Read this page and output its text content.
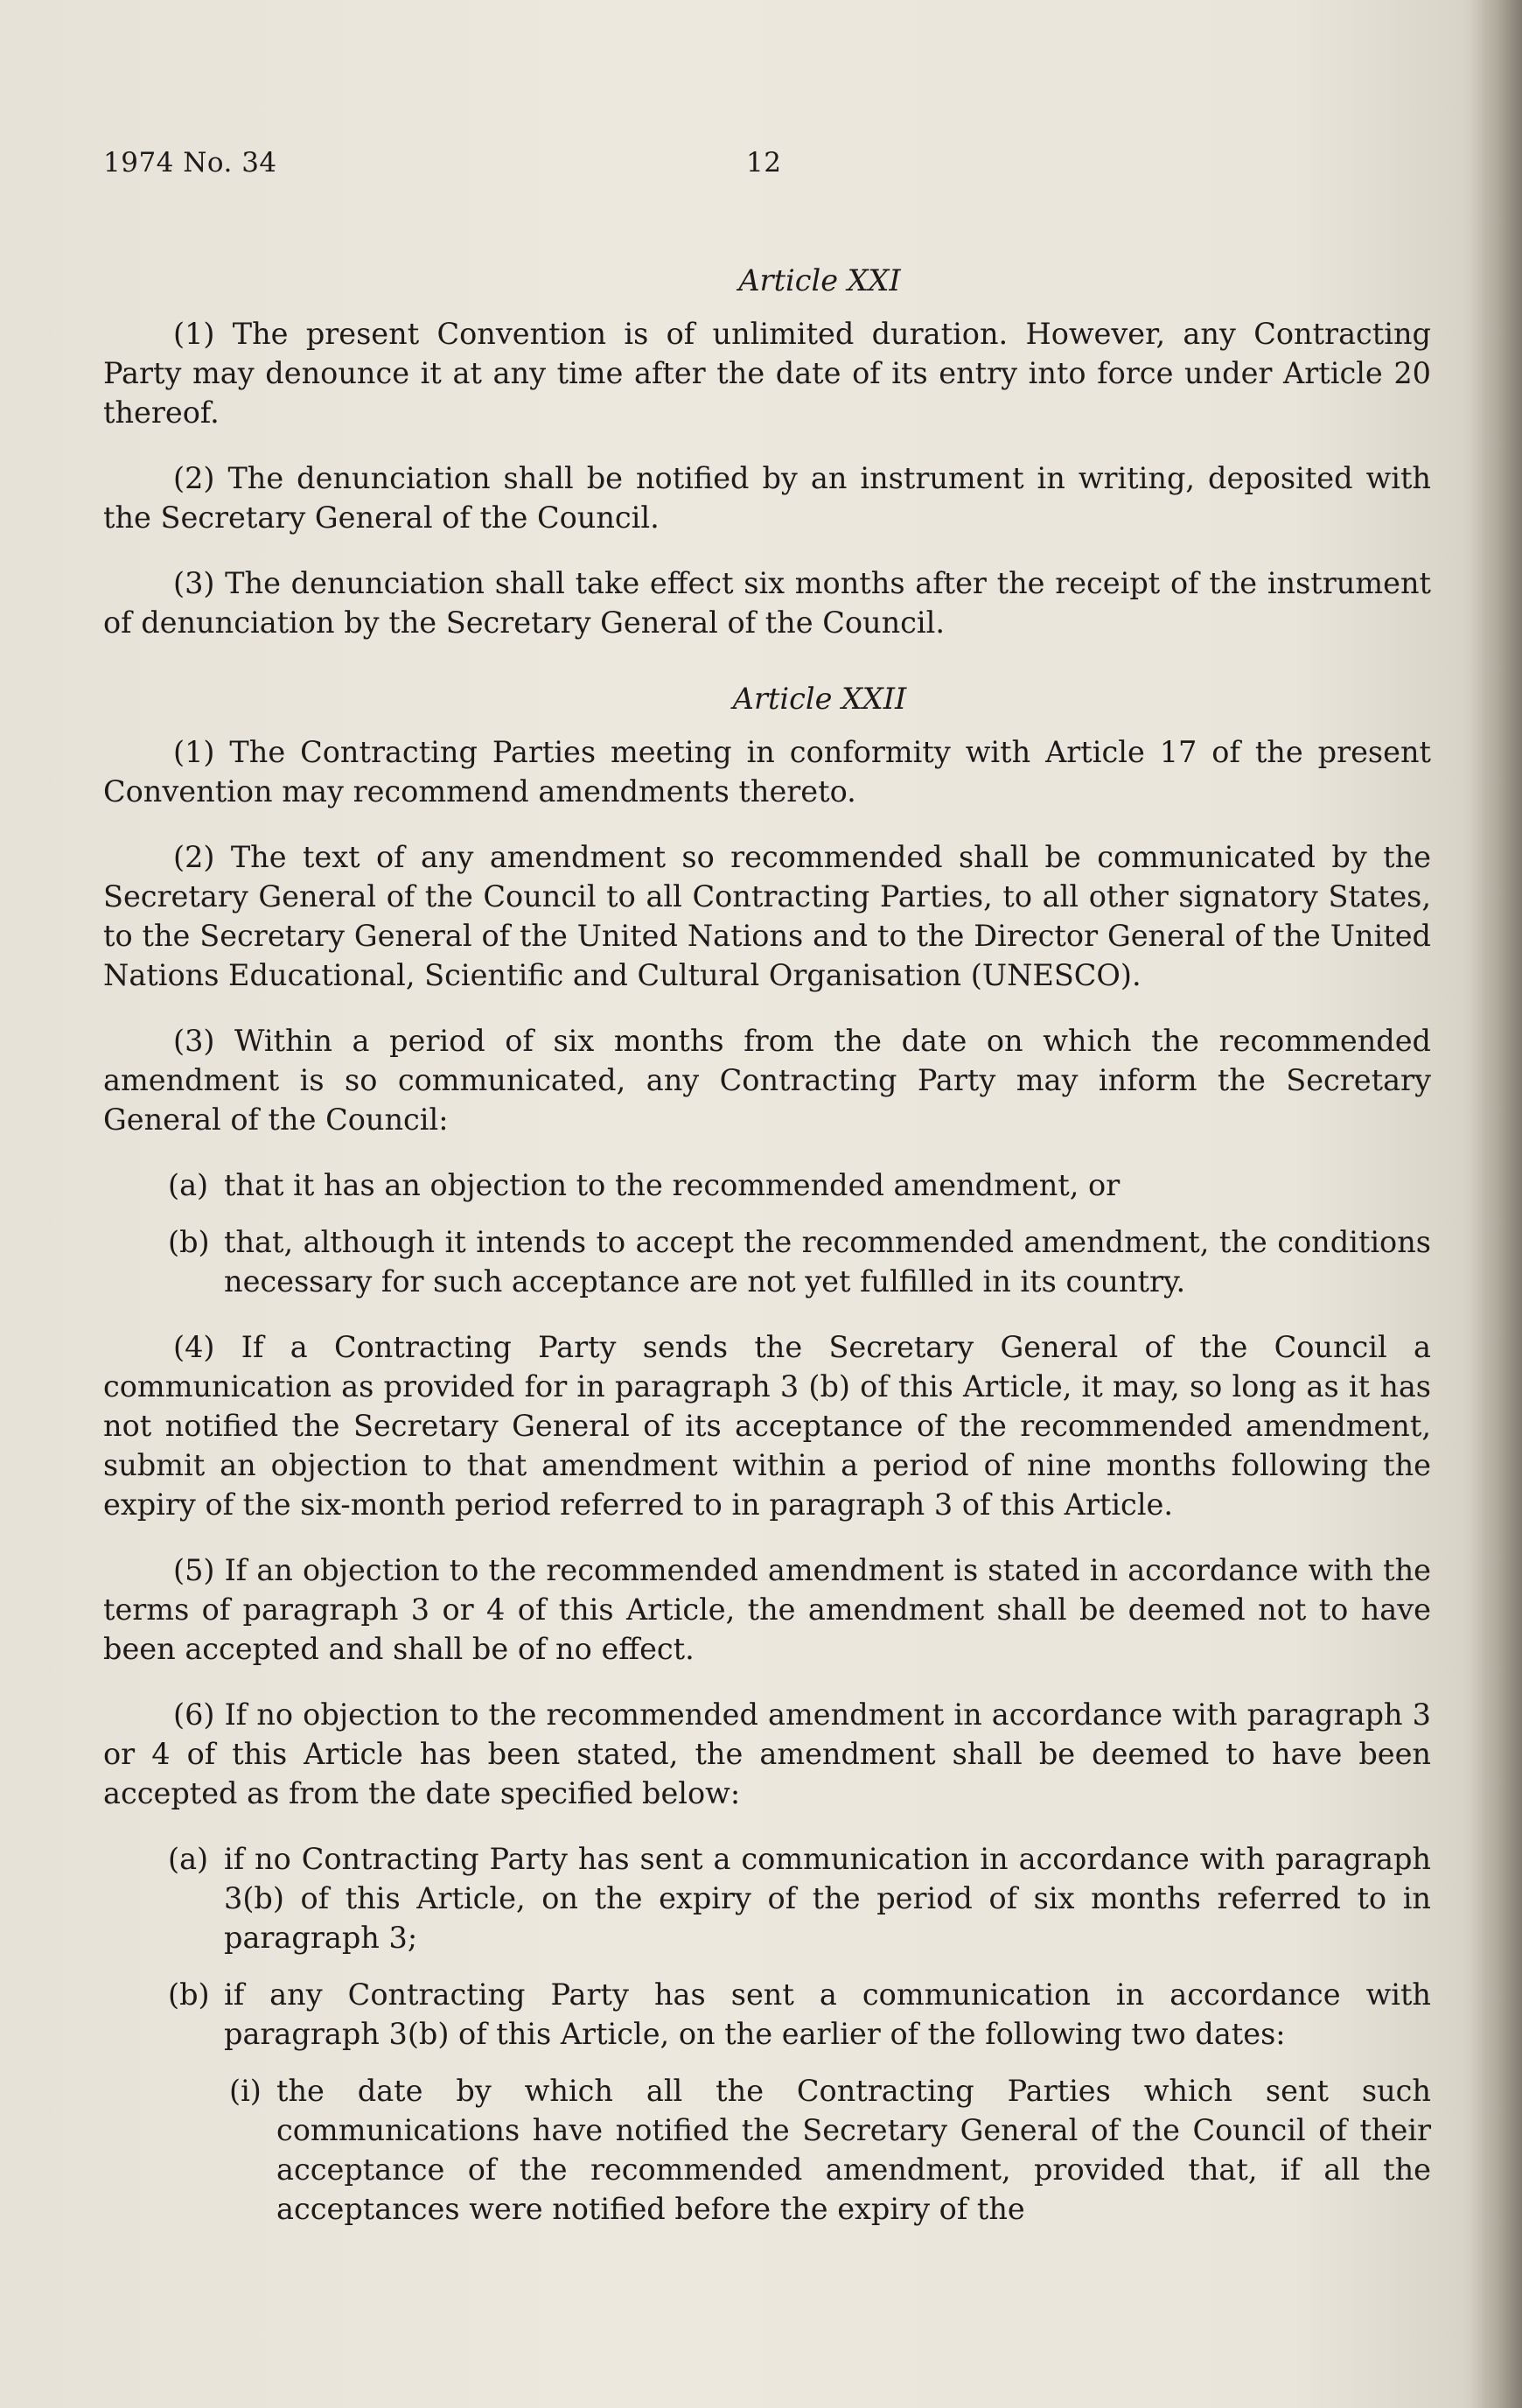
1974 No. 34	12
Article XXI

(1) The present Convention is of unlimited duration. However, any Contracting Party may denounce it at any time after the date of its entry into force under Article 20 thereof.

(2) The denunciation shall be notified by an instrument in writing, deposited with the Secretary General of the Council.

(3) The denunciation shall take effect six months after the receipt of the instrument of denunciation by the Secretary General of the Council.

Article XXII

(1) The Contracting Parties meeting in conformity with Article 17 of the present Convention may recommend amendments thereto.

(2) The text of any amendment so recommended shall be communicated by the Secretary General of the Council to all Contracting Parties, to all other signatory States, to the Secretary General of the United Nations and to the Director General of the United Nations Educational, Scientific and Cultural Organisation (UNESCO).

(3) Within a period of six months from the date on which the recommended amendment is so communicated, any Contracting Party may inform the Secretary General of the Council:

(a) that it has an objection to the recommended amendment, or
(b) that, although it intends to accept the recommended amendment, the conditions necessary for such acceptance are not yet fulfilled in its country.

(4) If a Contracting Party sends the Secretary General of the Council a communication as provided for in paragraph 3 (b) of this Article, it may, so long as it has not notified the Secretary General of its acceptance of the recommended amendment, submit an objection to that amendment within a period of nine months following the expiry of the six-month period referred to in paragraph 3 of this Article.

(5) If an objection to the recommended amendment is stated in accordance with the terms of paragraph 3 or 4 of this Article, the amendment shall be deemed not to have been accepted and shall be of no effect.

(6) If no objection to the recommended amendment in accordance with paragraph 3 or 4 of this Article has been stated, the amendment shall be deemed to have been accepted as from the date specified below:

(a) if no Contracting Party has sent a communication in accordance with paragraph 3(b) of this Article, on the expiry of the period of six months referred to in paragraph 3;
(b) if any Contracting Party has sent a communication in accordance with paragraph 3(b) of this Article, on the earlier of the following two dates:
(i) the date by which all the Contracting Parties which sent such communications have notified the Secretary General of the Council of their acceptance of the recommended amendment, provided that, if all the acceptances were notified before the expiry of the
